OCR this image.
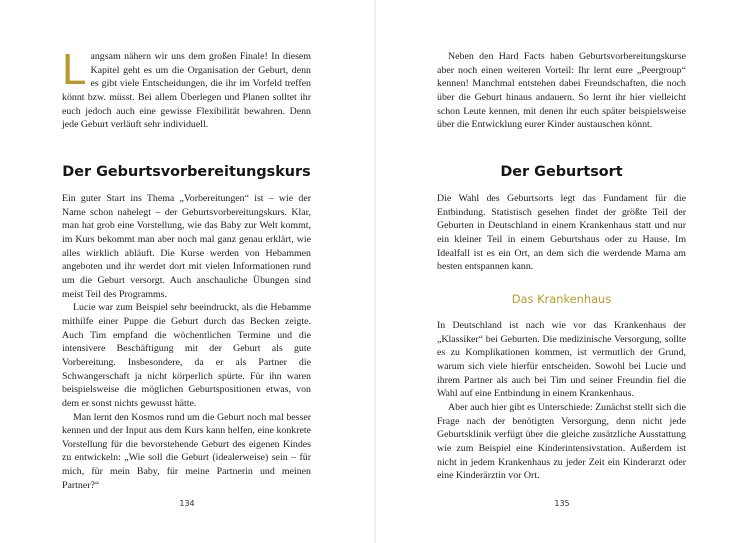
Langsam nähern wir uns dem großen Finale! In diesem Kapitel geht es um die Organisation der Geburt, denn es gibt viele Entscheidungen, die ihr im Vorfeld treffen könnt bzw. müsst. Bei allem Überlegen und Planen solltet ihr euch jedoch auch eine gewisse Flexibilität bewahren. Denn jede Geburt verläuft sehr individuell.

Der Geburtsvorbereitungskurs

Ein guter Start ins Thema „Vorbereitungen“ ist – wie der Name schon nahelegt – der Geburtsvorbereitungskurs. Klar, man hat grob eine Vorstellung, wie das Baby zur Welt kommt, im Kurs bekommt man aber noch mal ganz genau erklärt, wie alles wirklich abläuft. Die Kurse werden von Hebammen angeboten und ihr werdet dort mit vielen Informationen rund um die Geburt versorgt. Auch anschauliche Übungen sind meist Teil des Programms.

Lucie war zum Beispiel sehr beeindruckt, als die Hebamme mithilfe einer Puppe die Geburt durch das Becken zeigte. Auch Tim empfand die wöchentlichen Termine und die intensivere Beschäftigung mit der Geburt als gute Vorbereitung. Insbesondere, da er als Partner die Schwangerschaft ja nicht körperlich spürte. Für ihn waren beispielsweise die möglichen Geburtspositionen etwas, von dem er sonst nichts gewusst hätte.

Man lernt den Kosmos rund um die Geburt noch mal besser kennen und der Input aus dem Kurs kann helfen, eine konkrete Vorstellung für die bevorstehende Geburt des eigenen Kindes zu entwickeln: „Wie soll die Geburt (idealerweise) sein – für mich, für mein Baby, für meine Partnerin und meinen Partner?“

134

Neben den Hard Facts haben Geburtsvorbereitungskurse aber noch einen weiteren Vorteil: Ihr lernt eure „Peergroup“ kennen! Manchmal entstehen dabei Freundschaften, die noch über die Geburt hinaus andauern. So lernt ihr hier vielleicht schon Leute kennen, mit denen ihr euch später beispielsweise über die Entwicklung eurer Kinder austauschen könnt.

Der Geburtsort

Die Wahl des Geburtsorts legt das Fundament für die Entbindung. Statistisch gesehen findet der größte Teil der Geburten in Deutschland in einem Krankenhaus statt und nur ein kleiner Teil in einem Geburtshaus oder zu Hause. Im Idealfall ist es ein Ort, an dem sich die werdende Mama am besten entspannen kann.

Das Krankenhaus

In Deutschland ist nach wie vor das Krankenhaus der „Klassiker“ bei Geburten. Die medizinische Versorgung, sollte es zu Komplikationen kommen, ist vermutlich der Grund, warum sich viele hierfür entscheiden. Sowohl bei Lucie und ihrem Partner als auch bei Tim und seiner Freundin fiel die Wahl auf eine Entbindung in einem Krankenhaus.

Aber auch hier gibt es Unterschiede: Zunächst stellt sich die Frage nach der benötigten Versorgung, denn nicht jede Geburtsklinik verfügt über die gleiche zusätzliche Ausstattung wie zum Beispiel eine Kinderintensivstation. Außerdem ist nicht in jedem Krankenhaus zu jeder Zeit ein Kinderarzt oder eine Kinderärztin vor Ort.

135
